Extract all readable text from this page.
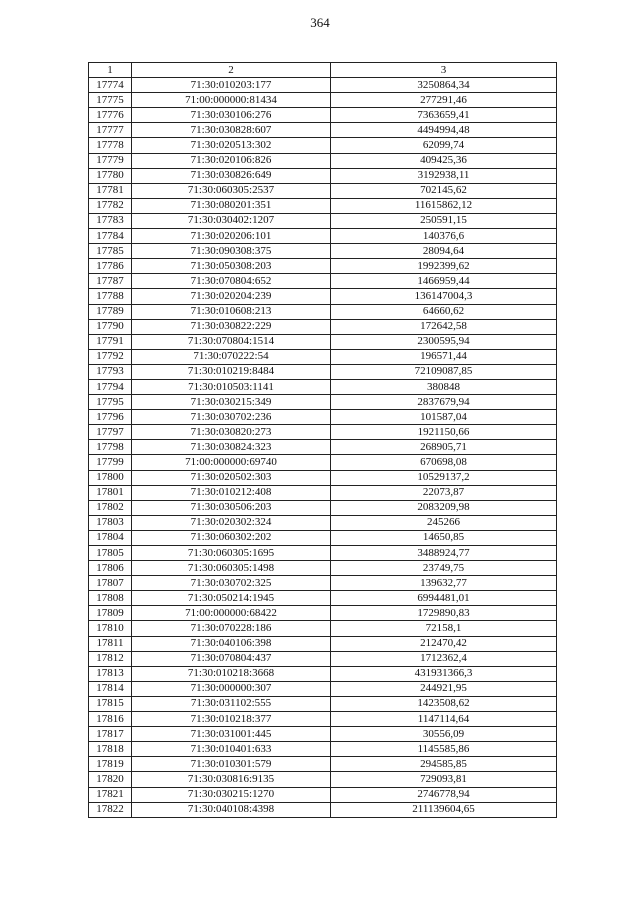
364
1	2	3
17774	71:30:010203:177	3250864,34
17775	71:00:000000:81434	277291,46
17776	71:30:030106:276	7363659,41
17777	71:30:030828:607	4494994,48
17778	71:30:020513:302	62099,74
17779	71:30:020106:826	409425,36
17780	71:30:030826:649	3192938,11
17781	71:30:060305:2537	702145,62
17782	71:30:080201:351	11615862,12
17783	71:30:030402:1207	250591,15
17784	71:30:020206:101	140376,6
17785	71:30:090308:375	28094,64
17786	71:30:050308:203	1992399,62
17787	71:30:070804:652	1466959,44
17788	71:30:020204:239	136147004,3
17789	71:30:010608:213	64660,62
17790	71:30:030822:229	172642,58
17791	71:30:070804:1514	2300595,94
17792	71:30:070222:54	196571,44
17793	71:30:010219:8484	72109087,85
17794	71:30:010503:1141	380848
17795	71:30:030215:349	2837679,94
17796	71:30:030702:236	101587,04
17797	71:30:030820:273	1921150,66
17798	71:30:030824:323	268905,71
17799	71:00:000000:69740	670698,08
17800	71:30:020502:303	10529137,2
17801	71:30:010212:408	22073,87
17802	71:30:030506:203	2083209,98
17803	71:30:020302:324	245266
17804	71:30:060302:202	14650,85
17805	71:30:060305:1695	3488924,77
17806	71:30:060305:1498	23749,75
17807	71:30:030702:325	139632,77
17808	71:30:050214:1945	6994481,01
17809	71:00:000000:68422	1729890,83
17810	71:30:070228:186	72158,1
17811	71:30:040106:398	212470,42
17812	71:30:070804:437	1712362,4
17813	71:30:010218:3668	431931366,3
17814	71:30:000000:307	244921,95
17815	71:30:031102:555	1423508,62
17816	71:30:010218:377	1147114,64
17817	71:30:031001:445	30556,09
17818	71:30:010401:633	1145585,86
17819	71:30:010301:579	294585,85
17820	71:30:030816:9135	729093,81
17821	71:30:030215:1270	2746778,94
17822	71:30:040108:4398	211139604,65
